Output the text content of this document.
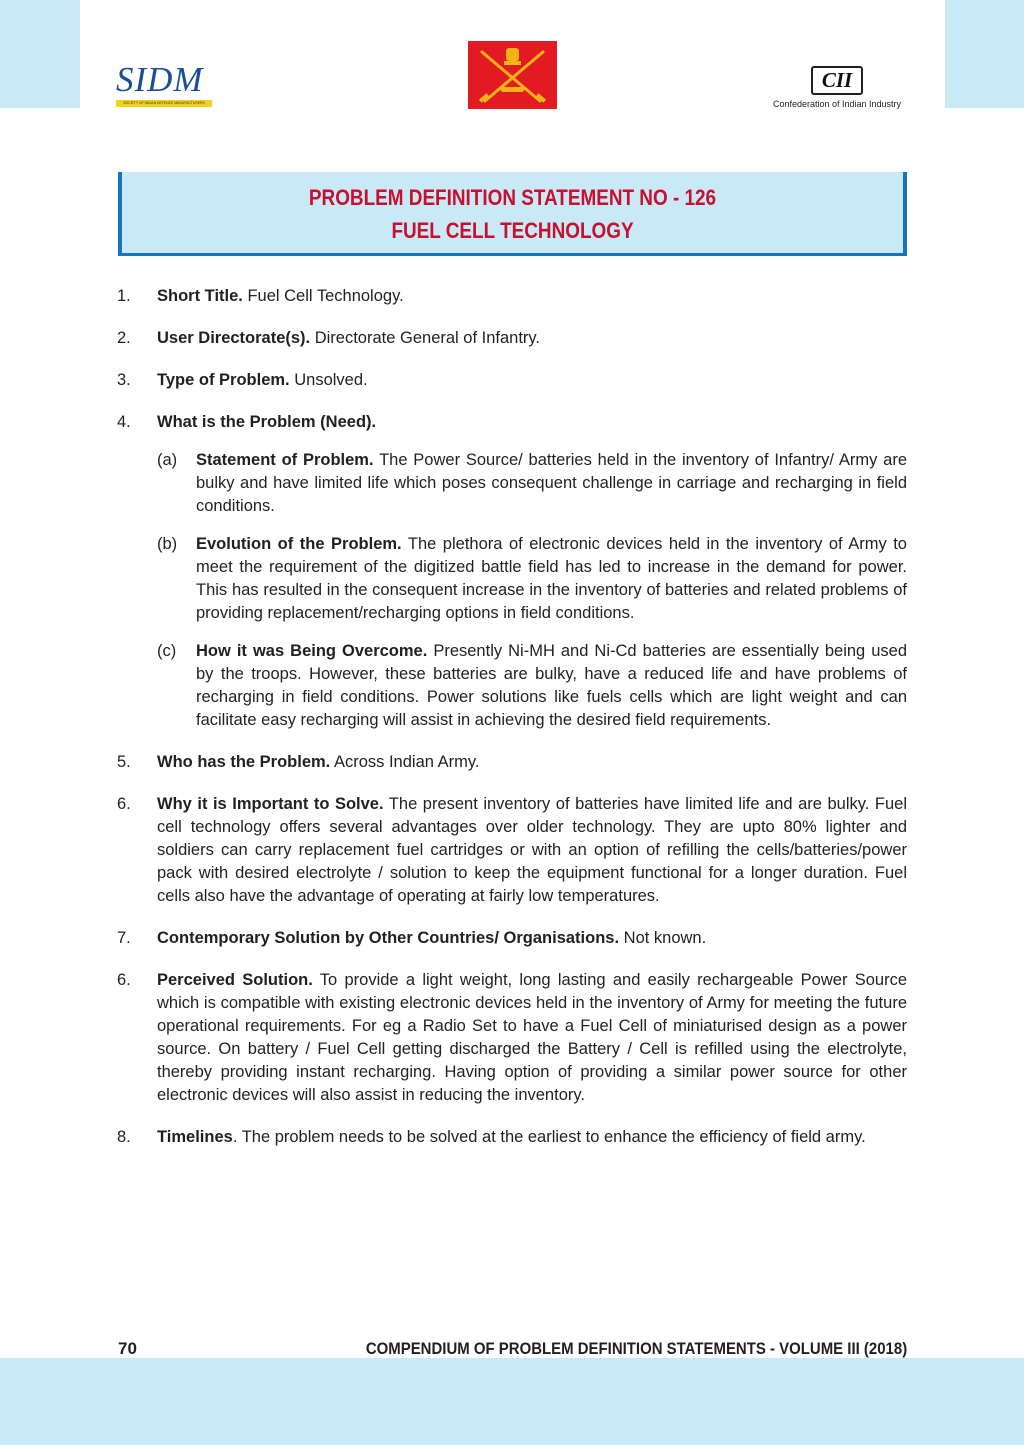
SIDM
SOCIETY OF INDIAN DEFENCE MANUFACTURERS
CII
Confederation of Indian Industry
PROBLEM DEFINITION STATEMENT NO - 126
FUEL CELL TECHNOLOGY
1.	Short Title. Fuel Cell Technology.
2.	User Directorate(s). Directorate General of Infantry.
3.	Type of Problem. Unsolved.
4.	What is the Problem (Need).
(a)	Statement of Problem. The Power Source/ batteries held in the inventory of Infantry/ Army are bulky and have limited life which poses consequent challenge in carriage and recharging in field conditions.
(b)	Evolution of the Problem. The plethora of electronic devices held in the inventory of Army to meet the requirement of the digitized battle field has led to increase in the demand for power. This has resulted in the consequent increase in the inventory of batteries and related problems of providing replacement/recharging options in field conditions.
(c)	How it was Being Overcome. Presently Ni-MH and Ni-Cd batteries are essentially being used by the troops. However, these batteries are bulky, have a reduced life and have problems of recharging in field conditions. Power solutions like fuels cells which are light weight and can facilitate easy recharging will assist in achieving the desired field requirements.
5.	Who has the Problem. Across Indian Army.
6.	Why it is Important to Solve. The present inventory of batteries have limited life and are bulky. Fuel cell technology offers several advantages over older technology. They are upto 80% lighter and soldiers can carry replacement fuel cartridges or with an option of refilling the cells/batteries/power pack with desired electrolyte / solution to keep the equipment functional for a longer duration. Fuel cells also have the advantage of operating at fairly low temperatures.
7.	Contemporary Solution by Other Countries/ Organisations. Not known.
6.	Perceived Solution. To provide a light weight, long lasting and easily rechargeable Power Source which is compatible with existing electronic devices held in the inventory of Army for meeting the future operational requirements. For eg a Radio Set to have a Fuel Cell of miniaturised design as a power source. On battery / Fuel Cell getting discharged the Battery / Cell is refilled using the electrolyte, thereby providing instant recharging. Having option of providing a similar power source for other electronic devices will also assist in reducing the inventory.
8.	Timelines. The problem needs to be solved at the earliest to enhance the efficiency of field army.
70	COMPENDIUM OF PROBLEM DEFINITION STATEMENTS - VOLUME III (2018)
